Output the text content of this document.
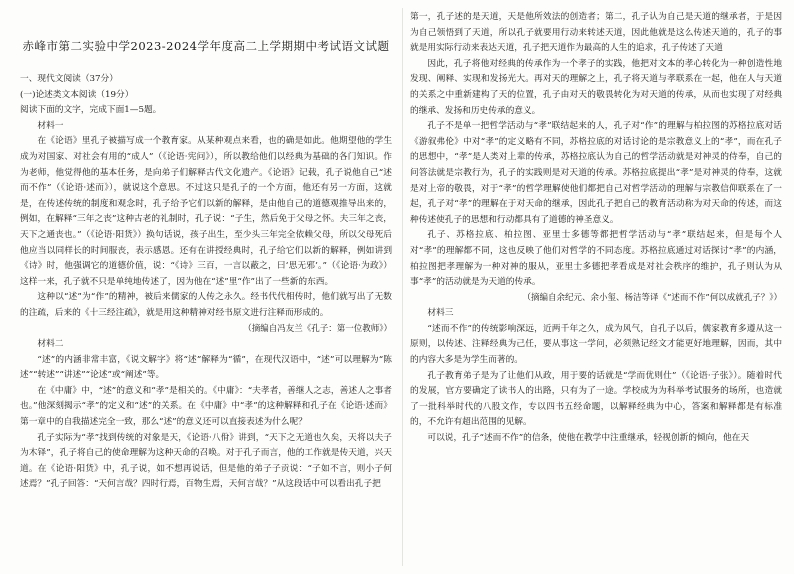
赤峰市第二实验中学2023-2024学年度高二上学期期中考试语文试题

一、现代文阅读（37分）

(一)论述类文本阅读（19分）

阅读下面的文字，完成下面1—5题。

材料一

在《论语》里孔子被描写成一个教育家。从某种观点来看，也的确是如此。他期望他的学生成为对国家、对社会有用的“成人”（《论语·宪问》），所以教给他们以经典为基础的各门知识。作为老师，他觉得他的基本任务，是向弟子们解释古代文化遗产。《论语》记载，孔子说他自己“述而不作”（《论语·述而》），就说这个意思。不过这只是孔子的一个方面，他还有另一方面，这就是，在传述传统的制度和观念时，孔子给予它们以新的解释，是由他自己的道德观推导出来的，例如，在解释“三年之丧”这种古老的礼制时，孔子说：“子生，然后免于父母之怀。夫三年之丧，天下之通丧也。”（《论语·阳货》）换句话说，孩子出生，至少头三年完全依赖父母，所以父母死后他应当以同样长的时间服丧，表示感恩。还有在讲授经典时，孔子给它们以新的解释，例如讲到《诗》时，他强调它的道德价值，说：“《诗》三百，一言以蔽之，曰‘思无邪’。”（《论语·为政》）这样一来，孔子就不只是单纯地传述了，因为他在“述”里“作”出了一些新的东西。

这种以“述”为“作”的精神，被后来儒家的人传之永久。经书代代相传时，他们就写出了无数的注疏，后来的《十三经注疏》，就是用这种精神对经书原文进行注释而形成的。

（摘编自冯友兰《孔子：第一位教师》）

材料二

“述”的内涵非常丰富，《说文解字》将“述”解释为“循”，在现代汉语中，“述”可以理解为“陈述”“转述”“讲述”“论述”或“阐述”等。

在《中庸》中，“述”的意义和“孝”是相关的。《中庸》：“夫孝者，善继人之志，善述人之事者也。”他深刻揭示“孝”的定义和“述”的关系。在《中庸》中“孝”的这种解释和孔子在《论语·述而》第一章中的自我描述完全一致，那么“述”的意义还可以直接表述为什么呢？

孔子实际为“孝”找到传统的对象是天，《论语·八佾》讲到，“天下之无道也久矣，天将以夫子为木铎”，孔子将自己的使命理解为这种天命的召唤。对于孔子而言，他的工作就是传天道，兴天道。在《论语·阳货》中，孔子说，如不想再说话，但是他的弟子子贡说：“子如不言，则小子何述焉？”孔子回答：“天何言哉？四时行焉，百物生焉，天何言哉？”从这段话中可以看出孔子把

第一，孔子述的是天道，天是他所效法的创造者；第二，孔子认为自己是天道的继承者，于是因为自己领悟到了天道，所以孔子就要用行动来转述天道，因此他就是这么传述天道的，孔子的事就是用实际行动来表达天道，孔子把天道作为最高的人生的追求，孔子传述了天道

因此，孔子将他对经典的传承作为一个孝子的实践，他把对文本的孝心转化为一种创造性地发现、阐释、实现和发扬光大。再对天的理解之上，孔子将天道与孝联系在一起，他在人与天道的关系之中重新建构了天的位置，孔子由对天的敬畏转化为对天道的传承，从而也实现了对经典的继承、发扬和历史传承的意义。

孔子不是单一把哲学活动与“孝”联结起来的人，孔子对“作”的理解与柏拉图的苏格拉底对话《游叙弗伦》中对“孝”的定义略有不同，苏格拉底的对话讨论的是宗教意义上的“孝”，而在孔子的思想中，“孝”是人类对上辈的传承，苏格拉底认为自己的哲学活动就是对神灵的侍奉，自己的问答法就是宗教行为，孔子的实践则是对天道的传承。苏格拉底提出“孝”是对神灵的侍奉，这就是对上帝的敬畏，对于“孝”的哲学理解使他们都把自己对哲学活动的理解与宗教信仰联系在了一起，孔子对“孝”的理解在于对天命的继承，因此孔子把自己的教育活动称为对天命的传述，而这种传述使孔子的思想和行动都具有了道德的神圣意义。

孔子、苏格拉底、柏拉图、亚里士多德等都把哲学活动与“孝”联结起来，但是每个人对“孝”的理解都不同，这也反映了他们对哲学的不同态度。苏格拉底通过对话探讨“孝”的内涵，柏拉图把孝理解为一种对神的服从，亚里士多德把孝看成是对社会秩序的维护，孔子则认为从事“孝”的活动就是为天道的传承。

（摘编自余纪元、余小玺、杨洁等译《“述而不作”何以成就孔子？》）

材料三

“述而不作”的传统影响深远，近两千年之久，成为风气，自孔子以后，儒家教育多遵从这一原则，以传述、注释经典为己任，要从事这一学问，必须熟记经文才能更好地理解，因而，其中的内容大多是为学生而著的。

孔子教育弟子是为了让他们从政，用于要的话就是“学而优则仕”（《论语·子张》）。随着时代的发展，官方要确定了读书人的出路，只有为了一途。学校成为为科举考试服务的场所，也造就了一批科举时代的八股文作，专以四书五经命题，以解释经典为中心，答案和解释都是有标准的，不允许有超出范围的见解。

可以说，孔子“述而不作”的信条，使他在教学中注重继承，轻视创新的倾向，他在天
